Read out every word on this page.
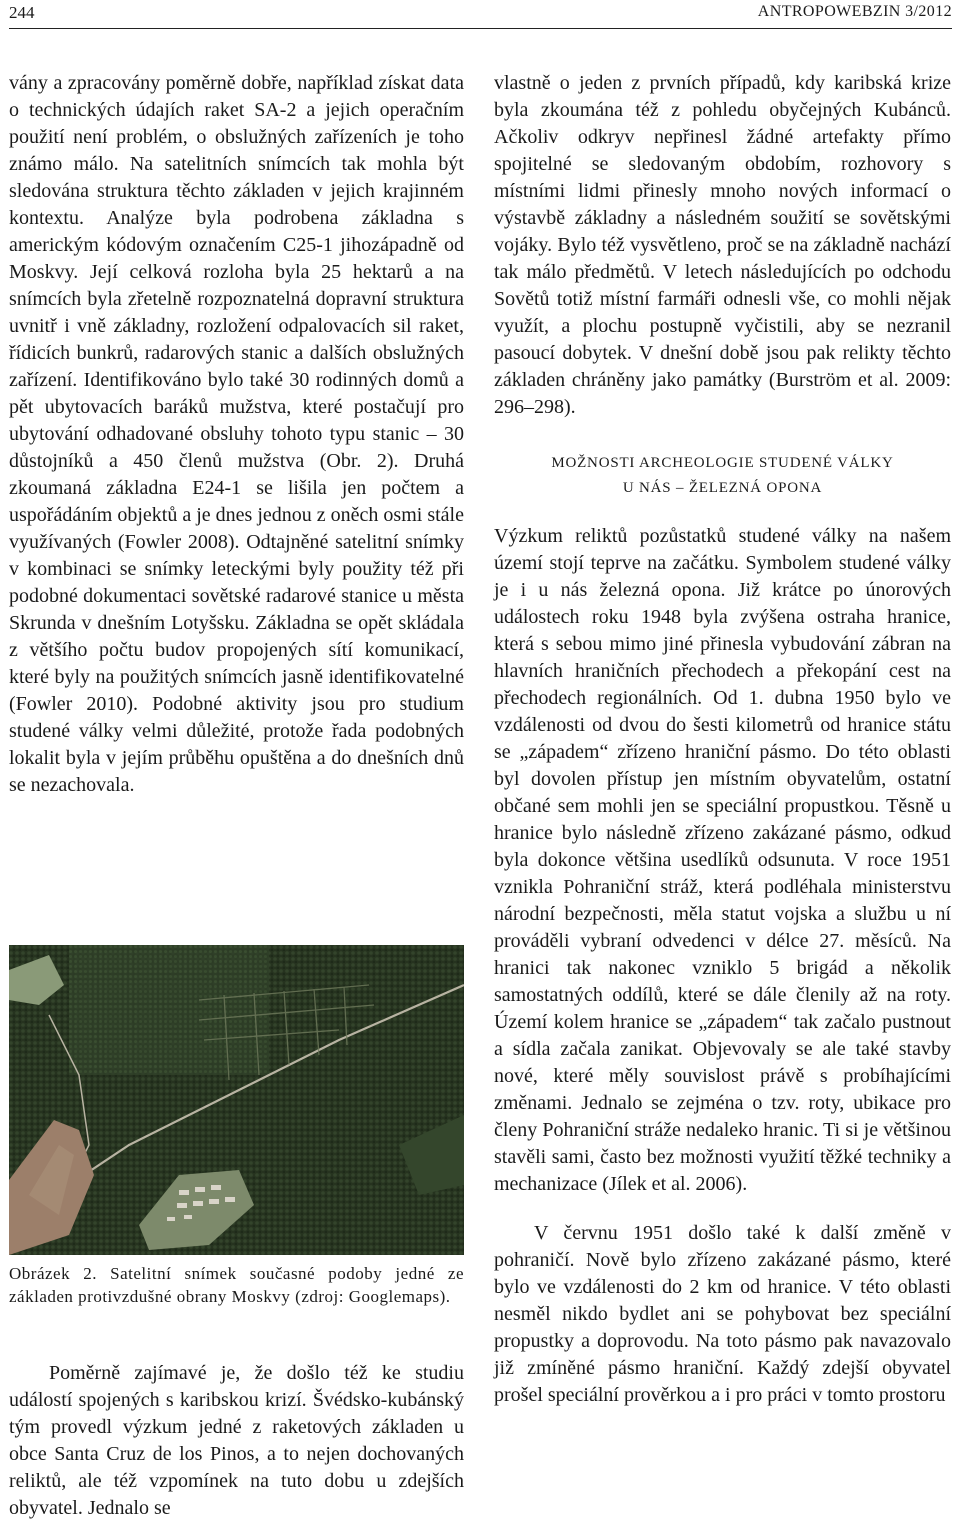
244	ANTROPOWEBZIN 3/2012

vány a zpracovány poměrně dobře, například získat data o technických údajích raket SA-2 a jejich operačním použití není problém, o obslužných zařízeních je toho známo málo. Na satelitních snímcích tak mohla být sledována struktura těchto základen v jejich krajinném kontextu. Analýze byla podrobena základna s americkým kódovým označením C25-1 jihozápadně od Moskvy. Její celková rozloha byla 25 hektarů a na snímcích byla zřetelně rozpoznatelná dopravní struktura uvnitř i vně základny, rozložení odpalovacích sil raket, řídicích bunkrů, radarových stanic a dalších obslužných zařízení. Identifikováno bylo také 30 rodinných domů a pět ubytovacích baráků mužstva, které postačují pro ubytování odhadované obsluhy tohoto typu stanic – 30 důstojníků a 450 členů mužstva (Obr. 2). Druhá zkoumaná základna E24-1 se lišila jen počtem a uspořádáním objektů a je dnes jednou z oněch osmi stále využívaných (Fowler 2008). Odtajněné satelitní snímky v kombinaci se snímky leteckými byly použity též při podobné dokumentaci sovětské radarové stanice u města Skrunda v dnešním Lotyšsku. Základna se opět skládala z většího počtu budov propojených sítí komunikací, které byly na použitých snímcích jasně identifikovatelné (Fowler 2010). Podobné aktivity jsou pro studium studené války velmi důležité, protože řada podobných lokalit byla v jejím průběhu opuštěna a do dnešních dnů se nezachovala.

Obrázek 2. Satelitní snímek současné podoby jedné ze základen protivzdušné obrany Moskvy (zdroj: Googlemaps).

Poměrně zajímavé je, že došlo též ke studiu událostí spojených s karibskou krizí. Švédsko-kubánský tým provedl výzkum jedné z raketových základen u obce Santa Cruz de los Pinos, a to nejen dochovaných reliktů, ale též vzpomínek na tuto dobu u zdejších obyvatel. Jednalo se

vlastně o jeden z prvních případů, kdy karibská krize byla zkoumána též z pohledu obyčejných Kubánců. Ačkoliv odkryv nepřinesl žádné artefakty přímo spojitelné se sledovaným obdobím, rozhovory s místními lidmi přinesly mnoho nových informací o výstavbě základny a následném soužití se sovětskými vojáky. Bylo též vysvětleno, proč se na základně nachází tak málo předmětů. V letech následujících po odchodu Sovětů totiž místní farmáři odnesli vše, co mohli nějak využít, a plochu postupně vyčistili, aby se nezranil pasoucí dobytek. V dnešní době jsou pak relikty těchto základen chráněny jako památky (Burström et al. 2009: 296–298).

MOŽNOSTI ARCHEOLOGIE STUDENÉ VÁLKY
U NÁS – ŽELEZNÁ OPONA

Výzkum reliktů pozůstatků studené války na našem území stojí teprve na začátku. Symbolem studené války je i u nás železná opona. Již krátce po únorových událostech roku 1948 byla zvýšena ostraha hranice, která s sebou mimo jiné přinesla vybudování zábran na hlavních hraničních přechodech a překopání cest na přechodech regionálních. Od 1. dubna 1950 bylo ve vzdálenosti od dvou do šesti kilometrů od hranice státu se „západem“ zřízeno hraniční pásmo. Do této oblasti byl dovolen přístup jen místním obyvatelům, ostatní občané sem mohli jen se speciální propustkou. Těsně u hranice bylo následně zřízeno zakázané pásmo, odkud byla dokonce většina usedlíků odsunuta. V roce 1951 vznikla Pohraniční stráž, která podléhala ministerstvu národní bezpečnosti, měla statut vojska a službu u ní prováděli vybraní odvedenci v délce 27. měsíců. Na hranici tak nakonec vzniklo 5 brigád a několik samostatných oddílů, které se dále členily až na roty. Území kolem hranice se „západem“ tak začalo pustnout a sídla začala zanikat. Objevovaly se ale také stavby nové, které měly souvislost právě s probíhajícími změnami. Jednalo se zejména o tzv. roty, ubikace pro členy Pohraniční stráže nedaleko hranic. Ti si je většinou stavěli sami, často bez možnosti využití těžké techniky a mechanizace (Jílek et al. 2006).

V červnu 1951 došlo také k další změně v pohraničí. Nově bylo zřízeno zakázané pásmo, které bylo ve vzdálenosti do 2 km od hranice. V této oblasti nesměl nikdo bydlet ani se pohybovat bez speciální propustky a doprovodu. Na toto pásmo pak navazovalo již zmíněné pásmo hraniční. Každý zdejší obyvatel prošel speciální prověrkou a i pro práci v tomto prostoru
